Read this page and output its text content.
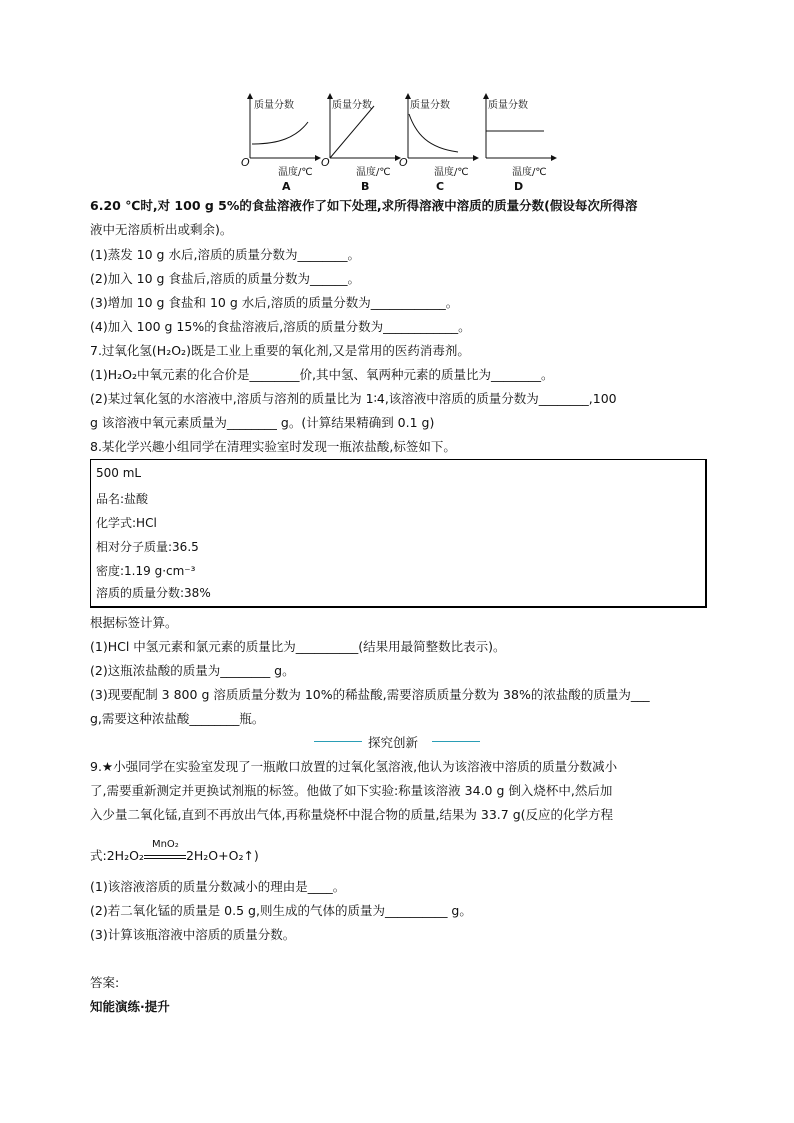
质量分数
O
温度/℃
A
质量分数
O
温度/℃
B
质量分数
O
温度/℃
C
质量分数
温度/℃
D
6.20 ℃时,对 100 g 5%的食盐溶液作了如下处理,求所得溶液中溶质的质量分数(假设每次所得溶
液中无溶质析出或剩余)。
(1)蒸发 10 g 水后,溶质的质量分数为________。
(2)加入 10 g 食盐后,溶质的质量分数为______。
(3)增加 10 g 食盐和 10 g 水后,溶质的质量分数为____________。
(4)加入 100 g 15%的食盐溶液后,溶质的质量分数为____________。
7.过氧化氢(H₂O₂)既是工业上重要的氧化剂,又是常用的医药消毒剂。
(1)H₂O₂中氧元素的化合价是________价,其中氢、氧两种元素的质量比为________。
(2)某过氧化氢的水溶液中,溶质与溶剂的质量比为 1∶4,该溶液中溶质的质量分数为________,100
g 该溶液中氧元素质量为________ g。(计算结果精确到 0.1 g)
8.某化学兴趣小组同学在清理实验室时发现一瓶浓盐酸,标签如下。
500 mL
品名:盐酸
化学式:HCl
相对分子质量:36.5
密度:1.19 g·cm⁻³
溶质的质量分数:38%
根据标签计算。
(1)HCl 中氢元素和氯元素的质量比为__________(结果用最简整数比表示)。
(2)这瓶浓盐酸的质量为________ g。
(3)现要配制 3 800 g 溶质质量分数为 10%的稀盐酸,需要溶质质量分数为 38%的浓盐酸的质量为___
g,需要这种浓盐酸________瓶。
探究创新
9.★小强同学在实验室发现了一瓶敞口放置的过氧化氢溶液,他认为该溶液中溶质的质量分数减小
了,需要重新测定并更换试剂瓶的标签。他做了如下实验:称量该溶液 34.0 g 倒入烧杯中,然后加
入少量二氧化锰,直到不再放出气体,再称量烧杯中混合物的质量,结果为 33.7 g(反应的化学方程
式:2H₂O₂
MnO₂
2H₂O+O₂↑)
(1)该溶液溶质的质量分数减小的理由是____。
(2)若二氧化锰的质量是 0.5 g,则生成的气体的质量为__________ g。
(3)计算该瓶溶液中溶质的质量分数。
答案:
知能演练·提升
